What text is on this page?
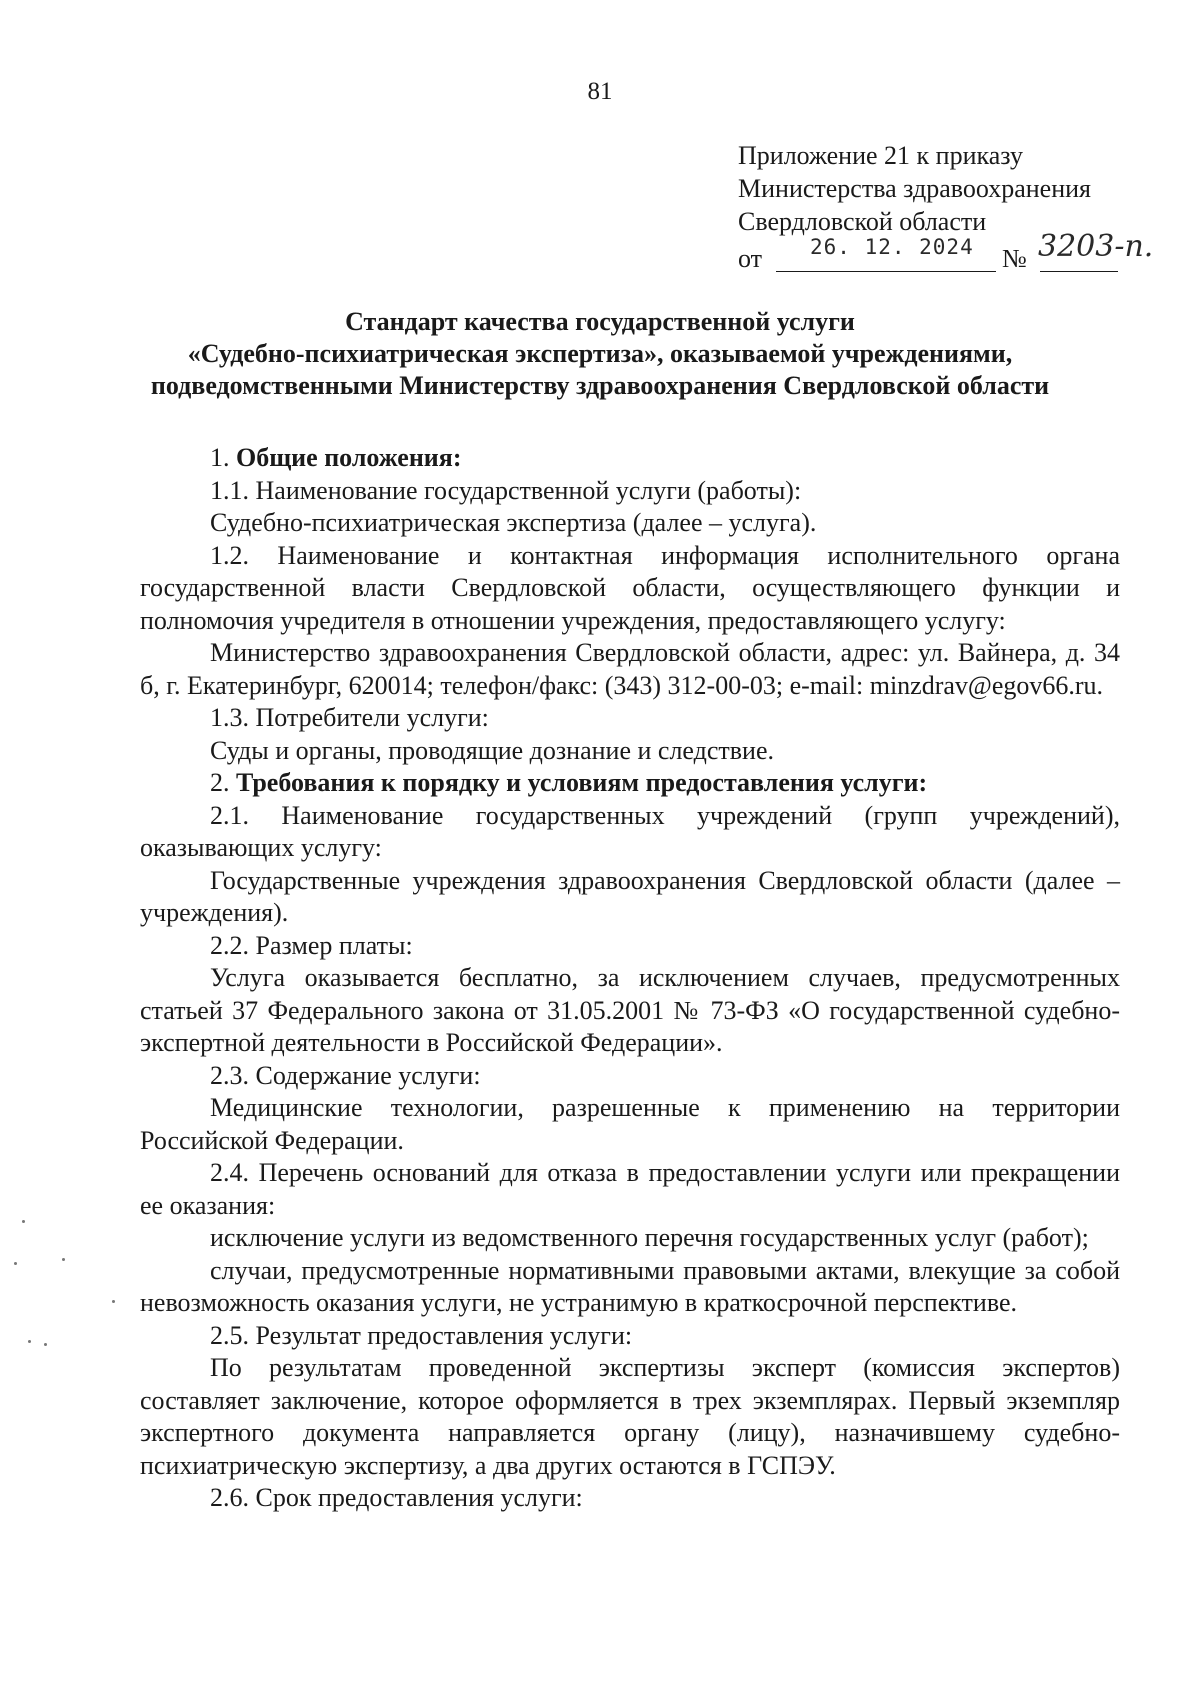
81
Приложение 21 к приказу
Министерства здравоохранения
Свердловской области
от 26. 12. 2024 № 3203-п.
Стандарт качества государственной услуги
«Судебно-психиатрическая экспертиза», оказываемой учреждениями,
подведомственными Министерству здравоохранения Свердловской области

1. Общие положения:

1.1. Наименование государственной услуги (работы):

Судебно-психиатрическая экспертиза (далее – услуга).

1.2. Наименование и контактная информация исполнительного органа государственной власти Свердловской области, осуществляющего функции и полномочия учредителя в отношении учреждения, предоставляющего услугу:

Министерство здравоохранения Свердловской области, адрес: ул. Вайнера, д. 34 б, г. Екатеринбург, 620014; телефон/факс: (343) 312-00-03; e-mail: minzdrav@egov66.ru.

1.3. Потребители услуги:

Суды и органы, проводящие дознание и следствие.

2. Требования к порядку и условиям предоставления услуги:

2.1. Наименование государственных учреждений (групп учреждений), оказывающих услугу:

Государственные учреждения здравоохранения Свердловской области (далее – учреждения).

2.2. Размер платы:

Услуга оказывается бесплатно, за исключением случаев, предусмотренных статьей 37 Федерального закона от 31.05.2001 № 73-ФЗ «О государственной судебно-экспертной деятельности в Российской Федерации».

2.3. Содержание услуги:

Медицинские технологии, разрешенные к применению на территории Российской Федерации.

2.4. Перечень оснований для отказа в предоставлении услуги или прекращении ее оказания:

исключение услуги из ведомственного перечня государственных услуг (работ);

случаи, предусмотренные нормативными правовыми актами, влекущие за собой невозможность оказания услуги, не устранимую в краткосрочной перспективе.

2.5. Результат предоставления услуги:

По результатам проведенной экспертизы эксперт (комиссия экспертов) составляет заключение, которое оформляется в трех экземплярах. Первый экземпляр экспертного документа направляется органу (лицу), назначившему судебно-психиатрическую экспертизу, а два других остаются в ГСПЭУ.

2.6. Срок предоставления услуги:
